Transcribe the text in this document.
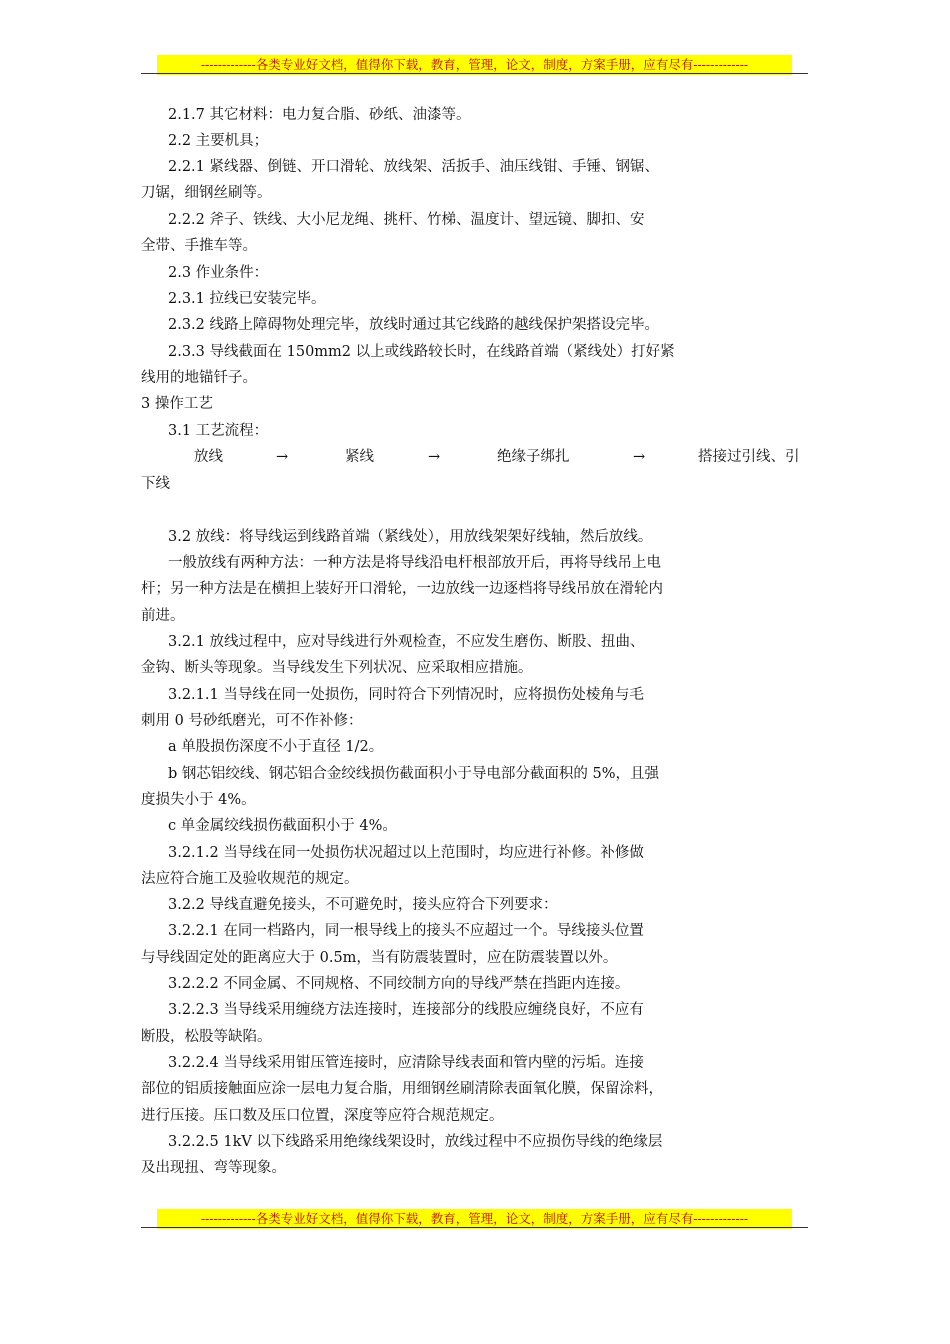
-------------各类专业好文档，值得你下载，教育，管理，论文，制度，方案手册，应有尽有-------------
2.1.7 其它材料：电力复合脂、砂纸、油漆等。
2.2 主要机具；
2.2.1 紧线器、倒链、开口滑轮、放线架、活扳手、油压线钳、手锤、钢锯、
刀锯，细钢丝刷等。
2.2.2 斧子、铁线、大小尼龙绳、挑杆、竹梯、温度计、望远镜、脚扣、安
全带、手推车等。
2.3 作业条件：
2.3.1 拉线已安装完毕。
2.3.2 线路上障碍物处理完毕，放线时通过其它线路的越线保护架搭设完毕。
2.3.3 导线截面在 150mm2 以上或线路较长时，在线路首端（紧线处）打好紧
线用的地锚钎子。
3 操作工艺
3.1 工艺流程：
放线	→	紧线	→	绝缘子绑扎	→	搭接过引线、引
下线
3.2 放线：将导线运到线路首端（紧线处），用放线架架好线轴，然后放线。
一般放线有两种方法：一种方法是将导线沿电杆根部放开后，再将导线吊上电
杆；另一种方法是在横担上装好开口滑轮，一边放线一边逐档将导线吊放在滑轮内
前进。
3.2.1 放线过程中，应对导线进行外观检查，不应发生磨伤、断股、扭曲、
金钩、断头等现象。当导线发生下列状况、应采取相应措施。
3.2.1.1 当导线在同一处损伤，同时符合下列情况时，应将损伤处棱角与毛
刺用 0 号砂纸磨光，可不作补修：
a 单股损伤深度不小于直径 1/2。
b 钢芯铝绞线、钢芯铝合金绞线损伤截面积小于导电部分截面积的 5%，且强
度损失小于 4%。
c 单金属绞线损伤截面积小于 4%。
3.2.1.2 当导线在同一处损伤状况超过以上范围时，均应进行补修。补修做
法应符合施工及验收规范的规定。
3.2.2 导线直避免接头，不可避免时，接头应符合下列要求：
3.2.2.1 在同一档路内，同一根导线上的接头不应超过一个。导线接头位置
与导线固定处的距离应大于 0.5m，当有防震装置时，应在防震装置以外。
3.2.2.2 不同金属、不同规格、不同绞制方向的导线严禁在挡距内连接。
3.2.2.3 当导线采用缠绕方法连接时，连接部分的线股应缠绕良好，不应有
断股，松股等缺陷。
3.2.2.4 当导线采用钳压管连接时，应清除导线表面和管内壁的污垢。连接
部位的铝质接触面应涂一层电力复合脂，用细钢丝刷清除表面氧化膜，保留涂料，
进行压接。压口数及压口位置，深度等应符合规范规定。
3.2.2.5 1kV 以下线路采用绝缘线架设时，放线过程中不应损伤导线的绝缘层
及出现扭、弯等现象。
-------------各类专业好文档，值得你下载，教育，管理，论文，制度，方案手册，应有尽有-------------
